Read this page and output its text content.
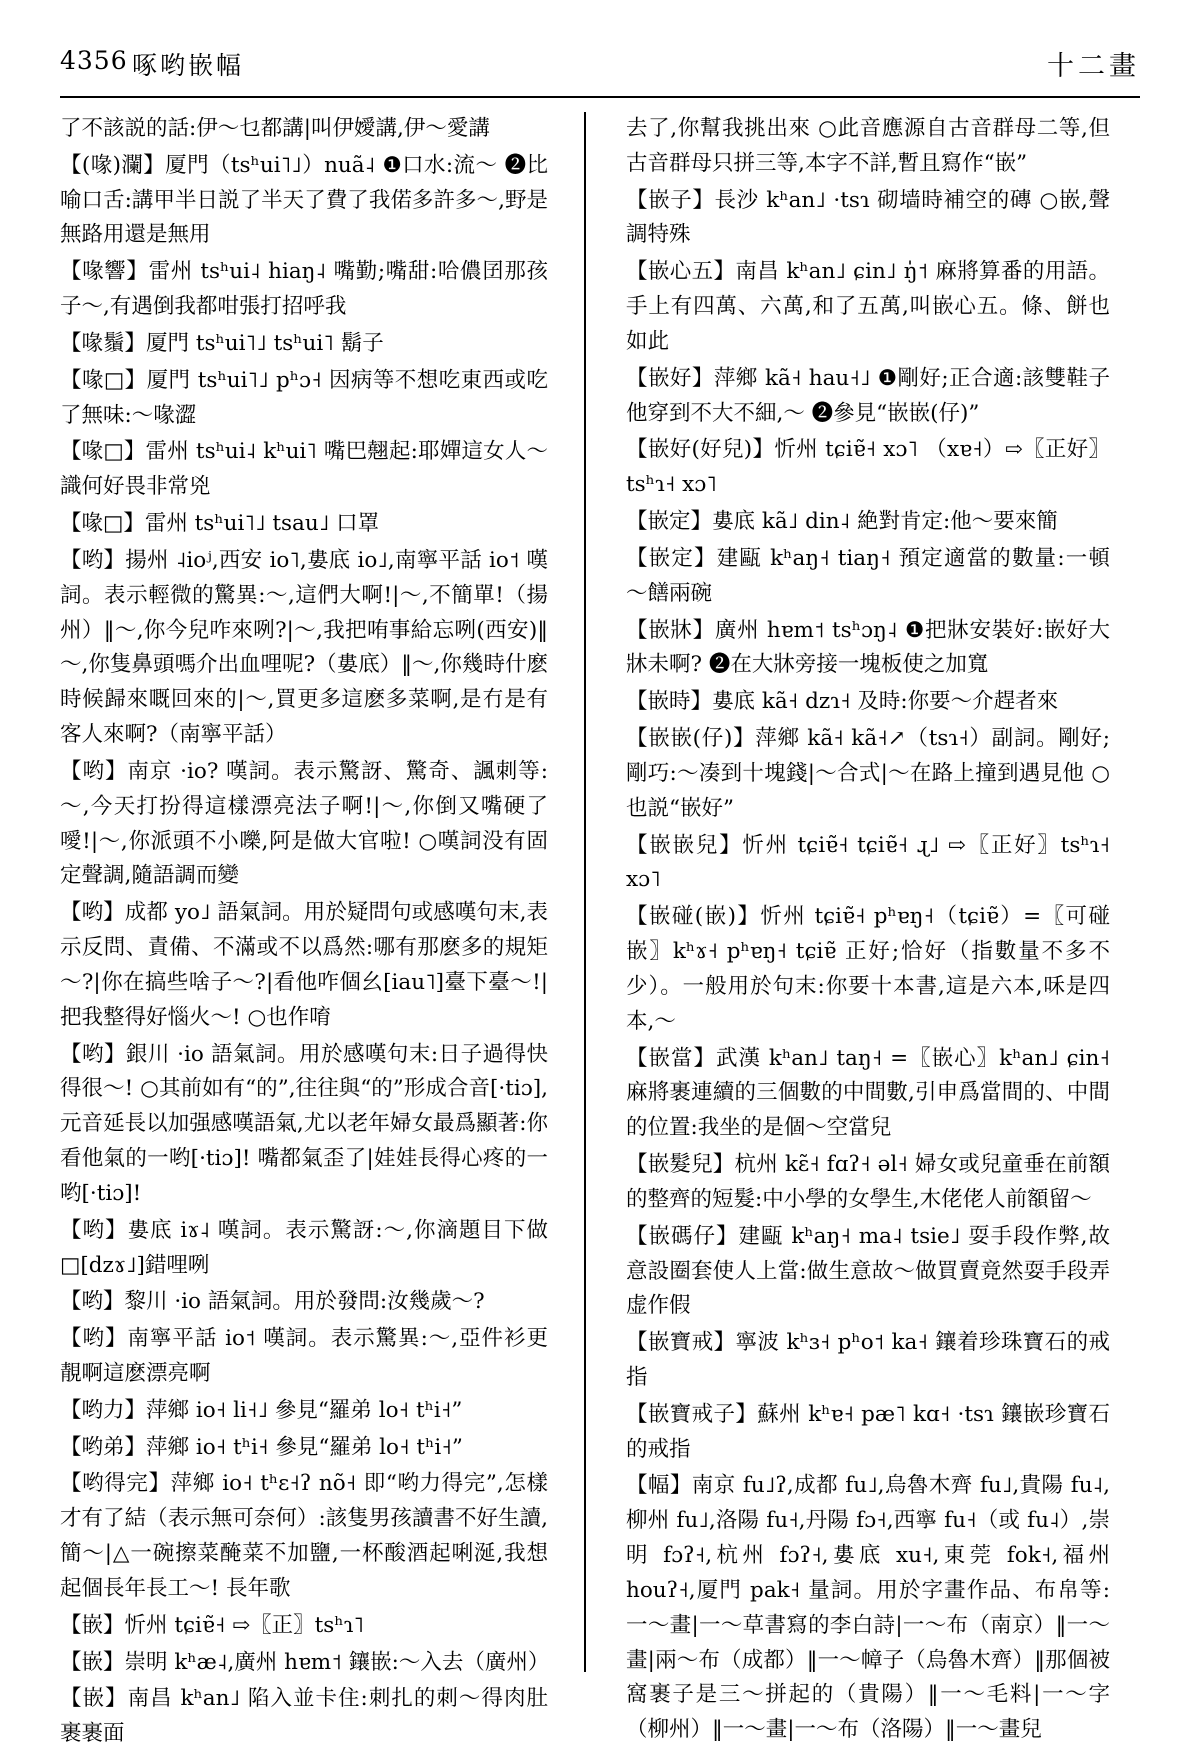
4356 啄哟嵌幅	十二畫
了不該説的話:伊～乜都講|叫伊嬡講,伊～愛講
【(喙)瀾】厦門（tsʰui˥˩）nuã˨ ❶口水:流～ ❷比喻口舌:講甲半日説了半天了費了我偌多許多～,野是無路用還是無用
【喙響】雷州 tsʰui˨ hiaŋ˨ 嘴勤;嘴甜:哈儂囝那孩子～,有遇倒我都咁張打招呼我
【喙鬚】厦門 tsʰui˥˩ tsʰui˥ 鬍子
【喙□】厦門 tsʰui˥˩ pʰɔ˧ 因病等不想吃東西或吃了無味:～喙澀
【喙□】雷州 tsʰui˨ kʰui˥ 嘴巴翹起:耶嬋這女人～識何好畏非常兇
【喙□】雷州 tsʰui˥˩ tsau˩ 口罩
【哟】揚州 ˨ioʲ,西安 io˥,婁底 io˩,南寧平話 io˦ 嘆詞。表示輕微的驚異:～,這們大啊!|～,不簡單!（揚州）‖～,你今兒咋來咧?|～,我把哊事給忘咧(西安)‖～,你隻鼻頭嗎介出血哩呢?（婁底）‖～,你幾時什麽時候歸來嘅回來的|～,買更多這麽多菜啊,是冇是有客人來啊?（南寧平話）
【哟】南京 ·io? 嘆詞。表示驚訝、驚奇、諷刺等:～,今天打扮得這樣漂亮法子啊!|～,你倒又嘴硬了噯!|～,你派頭不小嚛,阿是做大官啦! ○嘆詞没有固定聲調,隨語調而變
【哟】成都 yo˩ 語氣詞。用於疑問句或感嘆句末,表示反問、責備、不滿或不以爲然:哪有那麽多的規矩～?|你在搞些啥子～?|看他咋個幺[iau˥]臺下臺～!|把我整得好惱火～! ○也作唷
【哟】銀川 ·io 語氣詞。用於感嘆句末:日子過得快得很～! ○其前如有“的”,往往與“的”形成合音[·tiɔ],元音延長以加强感嘆語氣,尤以老年婦女最爲顯著:你看他氣的一哟[·tiɔ]! 嘴都氣歪了|娃娃長得心疼的一哟[·tiɔ]!
【哟】婁底 iɤ˨ 嘆詞。表示驚訝:～,你滴題目下做□[dzɤ˩]錯哩咧
【哟】黎川 ·io 語氣詞。用於發問:汝幾歲～?
【哟】南寧平話 io˦ 嘆詞。表示驚異:～,亞件衫更靚啊這麽漂亮啊
【哟力】萍鄉 io˧ li˧˩ 參見“羅弟 lo˧ tʰi˧”
【哟弟】萍鄉 io˧ tʰi˧ 參見“羅弟 lo˧ tʰi˧”
【哟得完】萍鄉 io˧ tʰɛ˧ʔ nõ˧ 即“哟力得完”,怎樣才有了結（表示無可奈何）:該隻男孩讀書不好生讀,簡～|△一碗擦菜醃菜不加鹽,一杯酸酒起唎涎,我想起個長年長工～! 長年歌
【嵌】忻州 tɕiɐ̃˧ ⇨〖正〗tsʰɿ˥
【嵌】崇明 kʰæ˨,廣州 hɐm˦ 鑲嵌:～入去（廣州）
【嵌】南昌 kʰan˩ 陷入並卡住:刺扎的刺～得肉肚裹裹面
去了,你幫我挑出來 ○此音應源自古音群母二等,但古音群母只拼三等,本字不詳,暫且寫作“嵌”
【嵌子】長沙 kʰan˩ ·tsɿ 砌墙時補空的磚 ○嵌,聲調特殊
【嵌心五】南昌 kʰan˩ ɕin˩ ŋ̍˦ 麻將算番的用語。手上有四萬、六萬,和了五萬,叫嵌心五。條、餅也如此
【嵌好】萍鄉 kã˧ hau˧˩ ❶剛好;正合適:該雙鞋子他穿到不大不細,～ ❷參見“嵌嵌(仔)”
【嵌好(好兒)】忻州 tɕiɐ̃˧ xɔ˥ （xɐ˧）⇨〖正好〗tsʰɿ˧ xɔ˥
【嵌定】婁底 kã˩ din˨ 絶對肯定:他～要來簡
【嵌定】建甌 kʰaŋ˧ tiaŋ˧ 預定適當的數量:一頓～饍兩碗
【嵌牀】廣州 hɐm˦ tsʰɔŋ˨ ❶把牀安裝好:嵌好大牀未啊? ❷在大牀旁接一塊板使之加寬
【嵌時】婁底 kã˧ dzɿ˧ 及時:你要～介趕者來
【嵌嵌(仔)】萍鄉 kã˧ kã˧↗（tsɿ˧）副詞。剛好;剛巧:～凑到十塊錢|～合式|～在路上撞到遇見他 ○也説“嵌好”
【嵌嵌兒】忻州 tɕiɐ̃˧ tɕiɐ̃˧ ɻ˩ ⇨〖正好〗tsʰɿ˧ xɔ˥
【嵌碰(嵌)】忻州 tɕiɐ̃˧ pʰɐŋ˧（tɕiɐ̃）=〖可碰嵌〗kʰɤ˧ pʰɐŋ˧ tɕiɐ̃ 正好;恰好（指數量不多不少）。一般用於句末:你要十本書,這是六本,咊是四本,～
【嵌當】武漢 kʰan˩ taŋ˧ =〖嵌心〗kʰan˩ ɕin˧ 麻將裹連續的三個數的中間數,引申爲當間的、中間的位置:我坐的是個～空當兒
【嵌髮兒】杭州 kɛ̃˧ fɑʔ˧ əl˧ 婦女或兒童垂在前額的整齊的短髮:中小學的女學生,木佬佬人前額留～
【嵌碼仔】建甌 kʰaŋ˧ ma˨ tsie˩ 耍手段作弊,故意設圈套使人上當:做生意故～做買賣竟然耍手段弄虚作假
【嵌寶戒】寧波 kʰɜ˧ pʰo˦ ka˧ 鑲着珍珠寶石的戒指
【嵌寶戒子】蘇州 kʰɐ˧ pæ˥ kɑ˧ ·tsɿ 鑲嵌珍寶石的戒指
【幅】南京 fu˩ʔ,成都 fu˩,烏魯木齊 fu˩,貴陽 fu˨,柳州 fu˩,洛陽 fu˧,丹陽 fɔ˧,西寧 fu˧（或 fu˨）,崇明 fɔʔ˧,杭州 fɔʔ˧,婁底 xu˧,東莞 fok˧,福州 houʔ˧,厦門 pak˧ 量詞。用於字畫作品、布帛等:一～畫|一～草書寫的李白詩|一～布（南京）‖一～畫|兩～布（成都）‖一～幛子（烏魯木齊）‖那個被窩裹子是三～拼起的（貴陽）‖一～毛料|一～字（柳州）‖一～畫|一～布（洛陽）‖一～畫兒
